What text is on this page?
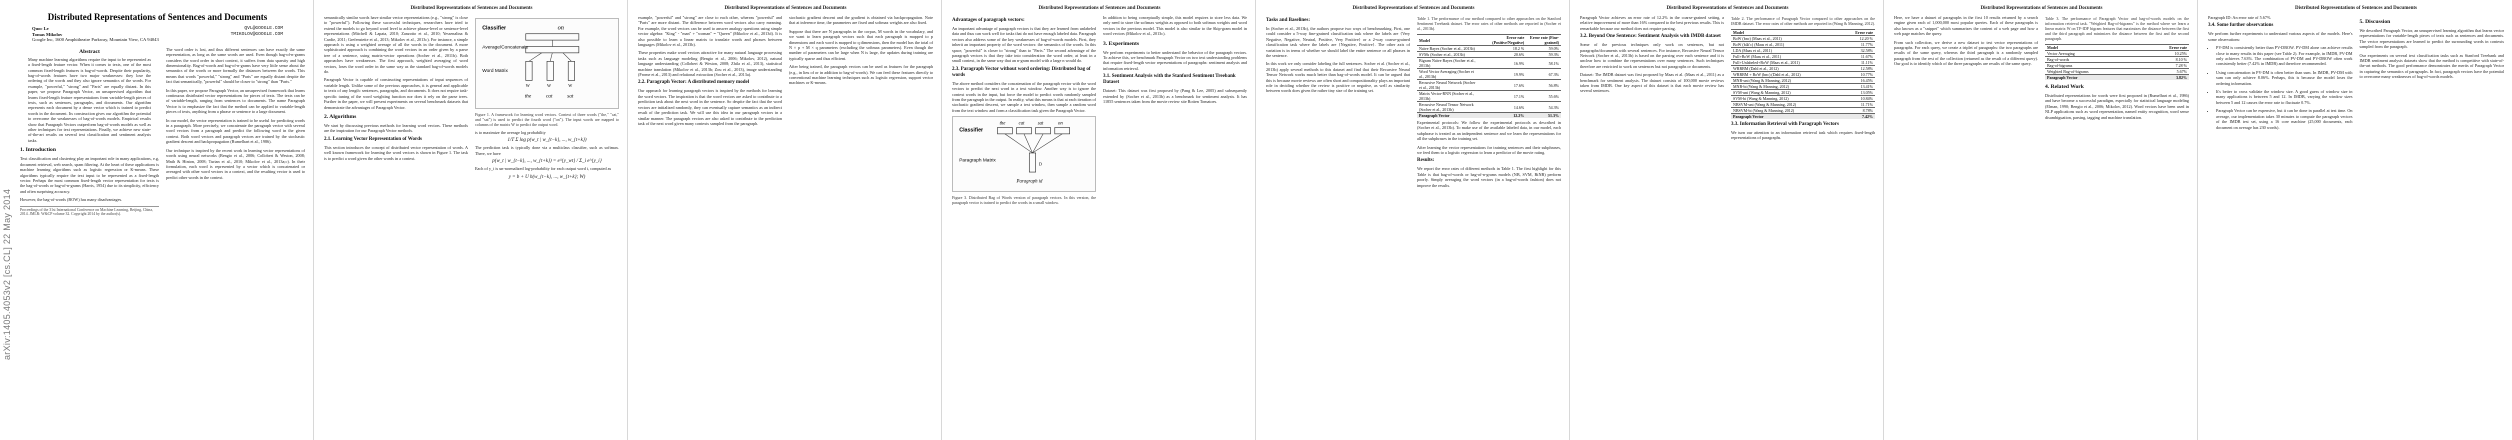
arXiv:1405.4053v2 [cs.CL] 22 May 2014
Distributed Representations of Sentences and Documents
Quoc Le
Tomas Mikolov
Google Inc, 1600 Amphitheatre Parkway, Mountain View, CA 94043
QVL@GOOGLE.COM
TMIKOLOV@GOOGLE.COM
Abstract

Many machine learning algorithms require the input to be represented as a fixed-length feature vector. When it comes to texts, one of the most common fixed-length features is bag-of-words. Despite their popularity, bag-of-words features have two major weaknesses: they lose the ordering of the words and they also ignore semantics of the words. For example, "powerful," "strong" and "Paris" are equally distant. In this paper, we propose Paragraph Vector, an unsupervised algorithm that learns fixed-length feature representations from variable-length pieces of texts, such as sentences, paragraphs, and documents. Our algorithm represents each document by a dense vector which is trained to predict words in the document. Its construction gives our algorithm the potential to overcome the weaknesses of bag-of-words models. Empirical results show that Paragraph Vectors outperform bag-of-words models as well as other techniques for text representations. Finally, we achieve new state-of-the-art results on several text classification and sentiment analysis tasks.

1. Introduction

Text classification and clustering play an important role in many applications, e.g, document retrieval, web search, spam filtering. At the heart of these applications is machine learning algorithms such as logistic regression or K-means. These algorithms typically require the text input to be represented as a fixed-length vector. Perhaps the most common fixed-length vector representation for texts is the bag-of-words or bag-of-n-grams (Harris, 1954) due to its simplicity, efficiency and often surprising accuracy.

However, the bag-of-words (BOW) has many disadvantages.

Proceedings of the 31st International Conference on Machine Learning, Beijing, China, 2014. JMLR: W&CP volume 32. Copyright 2014 by the author(s).

The word order is lost, and thus different sentences can have exactly the same representation, as long as the same words are used. Even though bag-of-n-grams considers the word order in short context, it suffers from data sparsity and high dimensionality. Bag-of-words and bag-of-n-grams have very little sense about the semantics of the words or more formally the distances between the words. This means that words "powerful," "strong" and "Paris" are equally distant despite the fact that semantically, "powerful" should be closer to "strong" than "Paris."

In this paper, we propose Paragraph Vector, an unsupervised framework that learns continuous distributed vector representations for pieces of texts. The texts can be of variable-length, ranging from sentences to documents. The name Paragraph Vector is to emphasize the fact that the method can be applied to variable-length pieces of texts, anything from a phrase or sentence to a large document.

In our model, the vector representation is trained to be useful for predicting words in a paragraph. More precisely, we concatenate the paragraph vector with several word vectors from a paragraph and predict the following word in the given context. Both word vectors and paragraph vectors are trained by the stochastic gradient descent and backpropagation (Rumelhart et al., 1986).

Our technique is inspired by the recent work in learning vector representations of words using neural networks (Bengio et al., 2006; Collobert & Weston, 2008; Mnih & Hinton, 2008; Turian et al., 2010; Mikolov et al., 2013a;c). In their formulation, each word is represented by a vector which is concatenated or averaged with other word vectors in a context, and the resulting vector is used to predict other words in the context.

Distributed Representations of Sentences and Documents

semantically similar words have similar vector representations (e.g., "strong" is close to "powerful"). Following these successful techniques, researchers have tried to extend the models to go beyond word level to achieve phrase-level or sentence-level representations (Mitchell & Lapata, 2010; Zanzotto et al., 2010; Yessenalina & Cardie, 2011; Grefenstette et al., 2013; Mikolov et al., 2013c). For instance, a simple approach is using a weighted average of all the words in the document. A more sophisticated approach is combining the word vectors in an order given by a parse tree of a sentence, using matrix-vector operations (Socher et al., 2011b). Both approaches have weaknesses. The first approach, weighted averaging of word vectors, loses the word order in the same way as the standard bag-of-words models do.

Paragraph Vector is capable of constructing representations of input sequences of variable length. Unlike some of the previous approaches, it is general and applicable to texts of any length: sentences, paragraphs, and documents. It does not require task-specific tuning of the word weighting function nor does it rely on the parse trees. Further in the paper, we will present experiments on several benchmark datasets that demonstrate the advantages of Paragraph Vector.

2. Algorithms

We start by discussing previous methods for learning word vectors. These methods are the inspiration for our Paragraph Vector methods.

2.1. Learning Vector Representation of Words

This section introduces the concept of distributed vector representation of words. A well known framework for learning the word vectors is shown in Figure 1. The task is to predict a word given the other words in a context.

Classifier	on
Average/Concatenate
Word Matrix
W	W	W
the	cat	sat

Figure 1. A framework for learning word vectors. Context of three words ("the," "cat," and "sat") is used to predict the fourth word ("on"). The input words are mapped to columns of the matrix W to predict the output word.

is to maximize the average log probability

1/T Σ log p(w_t | w_{t−k}, ..., w_{t+k})

The prediction task is typically done via a multiclass classifier, such as softmax. There, we have

p(w_t | w_{t−k}, ..., w_{t+k}) = e^{y_wt} / Σ_i e^{y_i}

Each of y_i is un-normalized log-probability for each output word i, computed as

y = b + U h(w_{t−k}, ..., w_{t+k}; W)
Distributed Representations of Sentences and Documents

example, "powerful" and "strong" are close to each other, whereas "powerful" and "Paris" are more distant. The difference between word vectors also carry meaning. For example, the word vectors can be used to answer analogy questions using simple vector algebra: "King" - "man" + "woman" = "Queen" (Mikolov et al., 2013d). It is also possible to learn a linear matrix to translate words and phrases between languages (Mikolov et al., 2013b).

These properties make word vectors attractive for many natural language processing tasks such as language modeling (Bengio et al., 2006; Mikolov, 2012), natural language understanding (Collobert & Weston, 2008; Zhila et al., 2013), statistical machine translation (Mikolov et al., 2013b; Zou et al., 2013), image understanding (Frome et al., 2013) and relational extraction (Socher et al., 2013a).

2.2. Paragraph Vector: A distributed memory model

Our approach for learning paragraph vectors is inspired by the methods for learning the word vectors. The inspiration is that the word vectors are asked to contribute to a prediction task about the next word in the sentence. So despite the fact that the word vectors are initialized randomly, they can eventually capture semantics as an indirect result of the prediction task. We will use this idea in our paragraph vectors in a similar manner. The paragraph vectors are also asked to contribute to the prediction task of the next word given many contexts sampled from the paragraph.

stochastic gradient descent and the gradient is obtained via backpropagation. Note that at inference time, the parameters are fixed and softmax weights are also fixed.

Suppose that there are N paragraphs in the corpus, M words in the vocabulary, and we want to learn paragraph vectors such that each paragraph is mapped to p dimensions and each word is mapped to q dimensions, then the model has the total of N × p + M × q parameters (excluding the softmax parameters). Even though the number of parameters can be large when N is large, the updates during training are typically sparse and thus efficient.

After being trained, the paragraph vectors can be used as features for the paragraph (e.g., in lieu of or in addition to bag-of-words). We can feed these features directly to conventional machine learning techniques such as logistic regression, support vector machines or K-means.

Distributed Representations of Sentences and Documents
Advantages of paragraph vectors:

An important advantage of paragraph vectors is that they are learned from unlabeled data and thus can work well for tasks that do not have enough labeled data. Paragraph vectors also address some of the key weaknesses of bag-of-words models. First, they inherit an important property of the word vectors: the semantics of the words. In this space, "powerful" is closer to "strong" than to "Paris." The second advantage of the paragraph vectors is that they take into consideration the word order, at least in a small context, in the same way that an n-gram model with a large n would do.

2.3. Paragraph Vector without word ordering: Distributed bag of words

The above method considers the concatenation of the paragraph vector with the word vectors to predict the next word in a text window. Another way is to ignore the context words in the input, but force the model to predict words randomly sampled from the paragraph in the output. In reality, what this means is that at each iteration of stochastic gradient descent, we sample a text window, then sample a random word from the text window and form a classification task given the Paragraph Vector.

Classifier
the	cat	sat	on
Paragraph Matrix
D
Paragraph id

Figure 3. Distributed Bag of Words version of paragraph vectors. In this version, the paragraph vector is trained to predict the words in a small window.

In addition to being conceptually simple, this model requires to store less data. We only need to store the softmax weights as opposed to both softmax weights and word vectors in the previous model. This model is also similar to the Skip-gram model in word vectors (Mikolov et al., 2013c).

3. Experiments

We perform experiments to better understand the behavior of the paragraph vectors. To achieve this, we benchmark Paragraph Vector on two text understanding problems that require fixed-length vector representations of paragraphs: sentiment analysis and information retrieval.

3.1. Sentiment Analysis with the Stanford Sentiment Treebank Dataset

Dataset: This dataset was first proposed by (Pang & Lee, 2005) and subsequently extended by (Socher et al., 2013b) as a benchmark for sentiment analysis. It has 11855 sentences taken from the movie review site Rotten Tomatoes.

Distributed Representations of Sentences and Documents
Tasks and Baselines:

In (Socher et al., 2013b), the authors propose two ways of benchmarking. First, one could consider a 5-way fine-grained classification task where the labels are {Very Negative, Negative, Neutral, Positive, Very Positive} or a 2-way coarse-grained classification task where the labels are {Negative, Positive}. The other axis of variation is in terms of whether we should label the entire sentence or all phrases in the sentence.

In this work we only consider labeling the full sentences. Socher et al. (Socher et al., 2013b) apply several methods to this dataset and find that their Recursive Neural Tensor Network works much better than bag-of-words model. It can be argued that this is because movie reviews are often short and compositionality plays an important role in deciding whether the review is positive or negative, as well as similarity between words does given the rather tiny size of the training set.

Table 1. The performance of our method compared to other approaches on the Stanford Sentiment Treebank dataset. The error rates of other methods are reported in (Socher et al., 2013b).

Model	Error rate (Positive/Negative)	Error rate (Fine-grained)
Naïve Bayes (Socher et al., 2013b)	18.2 %	59.0%
SVMs (Socher et al., 2013b)	20.6%	59.3%
Bigram Naïve Bayes (Socher et al., 2013b)	16.9%	58.1%
Word Vector Averaging (Socher et al., 2013b)	19.9%	67.3%
Recursive Neural Network (Socher et al., 2013b)	17.6%	56.8%
Matrix Vector-RNN (Socher et al., 2013b)	17.1%	55.6%
Recursive Neural Tensor Network (Socher et al., 2013b)	14.6%	54.3%
Paragraph Vector	12.2%	51.3%

Experimental protocols: We follow the experimental protocols as described in (Socher et al., 2013b). To make use of the available labeled data, in our model, each subphrase is treated as an independent sentence and we learn the representations for all the subphrases in the training set.

After learning the vector representations for training sentences and their subphrases, we feed them to a logistic regression to learn a predictor of the movie rating.

Results:

We report the error rates of different methods in Table 1. The first highlight for this Table is that bag-of-words or bag-of-n-grams models (NB, SVM, BiNB) perform poorly. Simply averaging the word vectors (in a bag-of-words fashion) does not improve the results.

Distributed Representations of Sentences and Documents

Paragraph Vector achieves an error rate of 12.2% in the coarse-grained setting, a relative improvement of more than 16% compared to the best previous results. This is remarkable because our method does not require parsing.

3.2. Beyond One Sentence: Sentiment Analysis with IMDB dataset

Some of the previous techniques only work on sentences, but not paragraphs/documents with several sentences. For instance, Recursive Neural Tensor Network (Socher et al., 2013b) is based on the parsing over each sentence and it is unclear how to combine the representations over many sentences. Such techniques therefore are restricted to work on sentences but not paragraphs or documents.

Dataset: The IMDB dataset was first proposed by Maas et al. (Maas et al., 2011) as a benchmark for sentiment analysis. The dataset consists of 100,000 movie reviews taken from IMDB. One key aspect of this dataset is that each movie review has several sentences.

Table 2. The performance of Paragraph Vector compared to other approaches on the IMDB dataset. The error rates of other methods are reported in (Wang & Manning, 2012).

Model	Error rate
BoW (bnc) (Maas et al., 2011)	12.20 %
BoW (bΔt'c) (Maas et al., 2011)	11.77%
LDA (Maas et al., 2011)	32.58%
Full+BoW (Maas et al., 2011)	11.67%
Full+Unlabeled+BoW (Maas et al., 2011)	11.11%
WRRBM (Dahl et al., 2012)	12.58%
WRRBM + BoW (bnc) (Dahl et al., 2012)	10.77%
MNB-uni (Wang & Manning, 2012)	16.45%
MNB-bi (Wang & Manning, 2012)	13.41%
SVM-uni (Wang & Manning, 2012)	13.05%
SVM-bi (Wang & Manning, 2012)	10.84%
NBSVM-uni (Wang & Manning, 2012)	11.71%
NBSVM-bi (Wang & Manning, 2012)	8.78%
Paragraph Vector	7.42%
3.3. Information Retrieval with Paragraph Vectors

We turn our attention to an information retrieval task which requires fixed-length representations of paragraphs.

Distributed Representations of Sentences and Documents

Here, we have a dataset of paragraphs in the first 10 results returned by a search engine given each of 1,000,000 most popular queries. Each of these paragraphs is also known as a "snippet" which summarizes the content of a web page and how a web page matches the query.

From such collection, we derive a new dataset to test vector representations of paragraphs. For each query, we create a triplet of paragraphs: the two paragraphs are results of the same query, whereas the third paragraph is a randomly sampled paragraph from the rest of the collection (returned as the result of a different query). Our goal is to identify which of the three paragraphs are results of the same query.

Table 3. The performance of Paragraph Vector and bag-of-words models on the information retrieval task. "Weighted Bag-of-bigrams" is the method where we learn a linear matrix W on TF-IDF bigram features that maximizes the distance between the first and the third paragraph and minimizes the distance between the first and the second paragraph.

Model	Error rate
Vector Averaging	10.25%
Bag-of-words	8.10 %
Bag-of-bigrams	7.28 %
Weighted Bag-of-bigrams	5.67%
Paragraph Vector	3.82%
4. Related Work

Distributed representations for words were first proposed in (Rumelhart et al., 1986) and have become a successful paradigm, especially for statistical language modeling (Elman, 1990; Bengio et al., 2006; Mikolov, 2012). Word vectors have been used in NLP applications such as word representation, named entity recognition, word sense disambiguation, parsing, tagging and machine translation.

Distributed Representations of Sentences and Documents

Paragraph ID: An error rate of 5.67%

3.4. Some further observations

We perform further experiments to understand various aspects of the models. Here's some observations:

• PV-DM is consistently better than PV-DBOW. PV-DM alone can achieve results close to many results in this paper (see Table 2). For example, in IMDB, PV-DM only achieves 7.63%. The combination of PV-DM and PV-DBOW often work consistently better (7.42% in IMDB) and therefore recommended.
• Using concatenation in PV-DM is often better than sum. In IMDB, PV-DM with sum can only achieve 8.06%. Perhaps, this is because the model loses the ordering information.
• It's better to cross validate the window size. A good guess of window size in many applications is between 5 and 12. In IMDB, varying the window sizes between 5 and 12 causes the error rate to fluctuate 0.7%.
• Paragraph Vector can be expensive, but it can be done in parallel at test time. On average, our implementation takes 30 minutes to compute the paragraph vectors of the IMDB test set, using a 16 core machine (25,000 documents, each document on average has 230 words).
5. Discussion

We described Paragraph Vector, an unsupervised learning algorithm that learns vector representations for variable-length pieces of texts such as sentences and documents. The vector representations are learned to predict the surrounding words in contexts sampled from the paragraph.

Our experiments on several text classification tasks such as Stanford Treebank and IMDB sentiment analysis datasets show that the method is competitive with state-of-the-art methods. The good performance demonstrates the merits of Paragraph Vector in capturing the semantics of paragraphs. In fact, paragraph vectors have the potential to overcome many weaknesses of bag-of-words models.
